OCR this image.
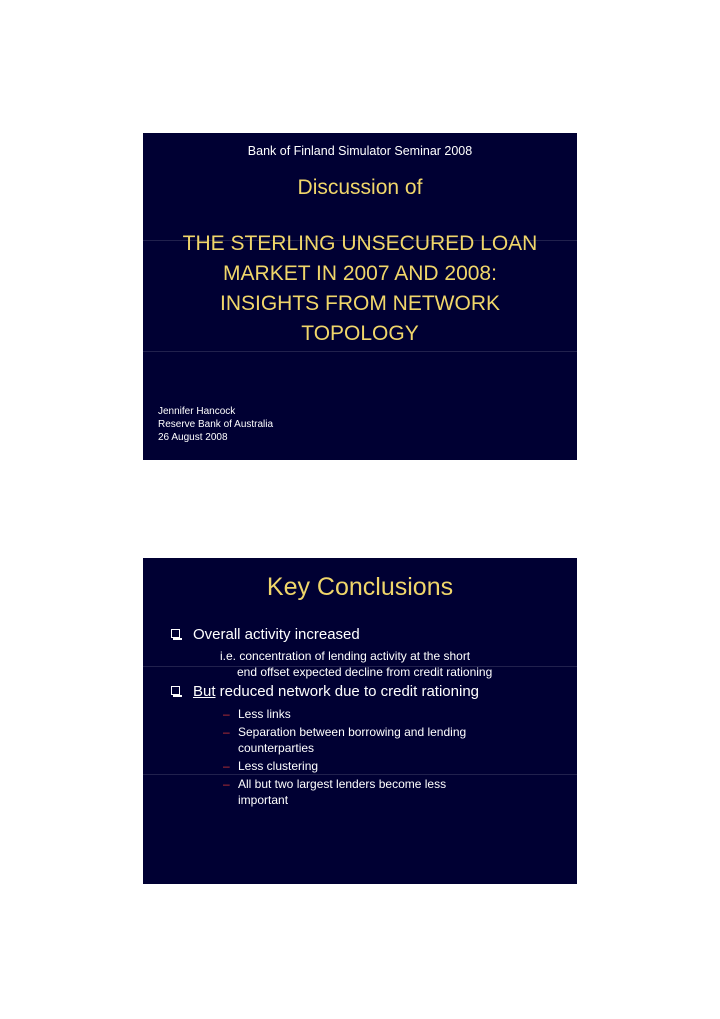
Bank of Finland Simulator Seminar 2008
Discussion of
THE STERLING UNSECURED LOAN
MARKET IN 2007 AND 2008:
INSIGHTS FROM NETWORK
TOPOLOGY
Jennifer Hancock
Reserve Bank of Australia
26 August 2008
Key Conclusions
Overall activity increased
i.e. concentration of lending activity at the short
end offset expected decline from credit rationing
But reduced network due to credit rationing
– Less links
– Separation between borrowing and lending
counterparties
– Less clustering
– All but two largest lenders become less
important
